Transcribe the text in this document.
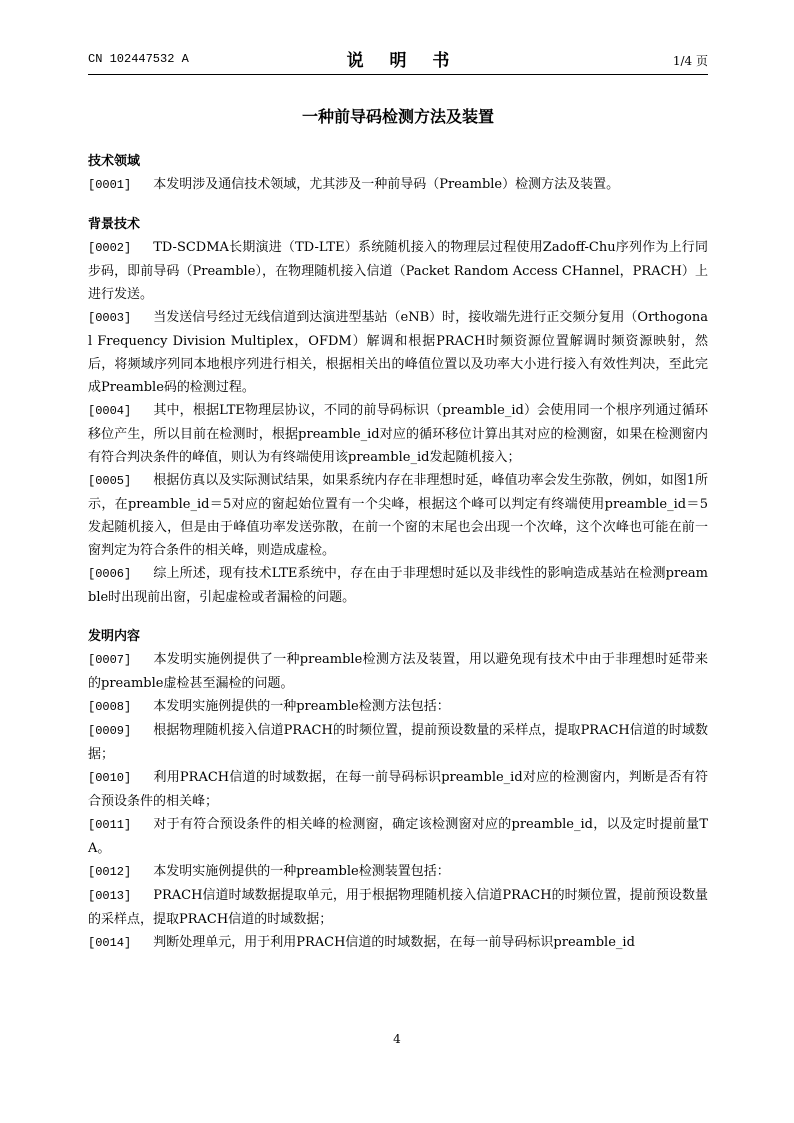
CN 102447532 A	说 明 书	1/4 页
一种前导码检测方法及装置
技术领域
[0001] 本发明涉及通信技术领域，尤其涉及一种前导码（Preamble）检测方法及装置。
背景技术
[0002] TD-SCDMA长期演进（TD-LTE）系统随机接入的物理层过程使用Zadoff-Chu序列作为上行同步码，即前导码（Preamble），在物理随机接入信道（Packet Random Access CHannel，PRACH）上进行发送。
[0003] 当发送信号经过无线信道到达演进型基站（eNB）时，接收端先进行正交频分复用（Orthogonal Frequency Division Multiplex，OFDM）解调和根据PRACH时频资源位置解调时频资源映射，然后，将频域序列同本地根序列进行相关，根据相关出的峰值位置以及功率大小进行接入有效性判决，至此完成Preamble码的检测过程。
[0004] 其中，根据LTE物理层协议，不同的前导码标识（preamble_id）会使用同一个根序列通过循环移位产生，所以目前在检测时，根据preamble_id对应的循环移位计算出其对应的检测窗，如果在检测窗内有符合判决条件的峰值，则认为有终端使用该preamble_id发起随机接入；
[0005] 根据仿真以及实际测试结果，如果系统内存在非理想时延，峰值功率会发生弥散，例如，如图1所示，在preamble_id＝5对应的窗起始位置有一个尖峰，根据这个峰可以判定有终端使用preamble_id＝5发起随机接入，但是由于峰值功率发送弥散，在前一个窗的末尾也会出现一个次峰，这个次峰也可能在前一窗判定为符合条件的相关峰，则造成虚检。
[0006] 综上所述，现有技术LTE系统中，存在由于非理想时延以及非线性的影响造成基站在检测preamble时出现前出窗，引起虚检或者漏检的问题。
发明内容
[0007] 本发明实施例提供了一种preamble检测方法及装置，用以避免现有技术中由于非理想时延带来的preamble虚检甚至漏检的问题。
[0008] 本发明实施例提供的一种preamble检测方法包括：
[0009] 根据物理随机接入信道PRACH的时频位置，提前预设数量的采样点，提取PRACH信道的时域数据；
[0010] 利用PRACH信道的时域数据，在每一前导码标识preamble_id对应的检测窗内，判断是否有符合预设条件的相关峰；
[0011] 对于有符合预设条件的相关峰的检测窗，确定该检测窗对应的preamble_id，以及定时提前量TA。
[0012] 本发明实施例提供的一种preamble检测装置包括：
[0013] PRACH信道时域数据提取单元，用于根据物理随机接入信道PRACH的时频位置，提前预设数量的采样点，提取PRACH信道的时域数据；
[0014] 判断处理单元，用于利用PRACH信道的时域数据，在每一前导码标识preamble_id
4
